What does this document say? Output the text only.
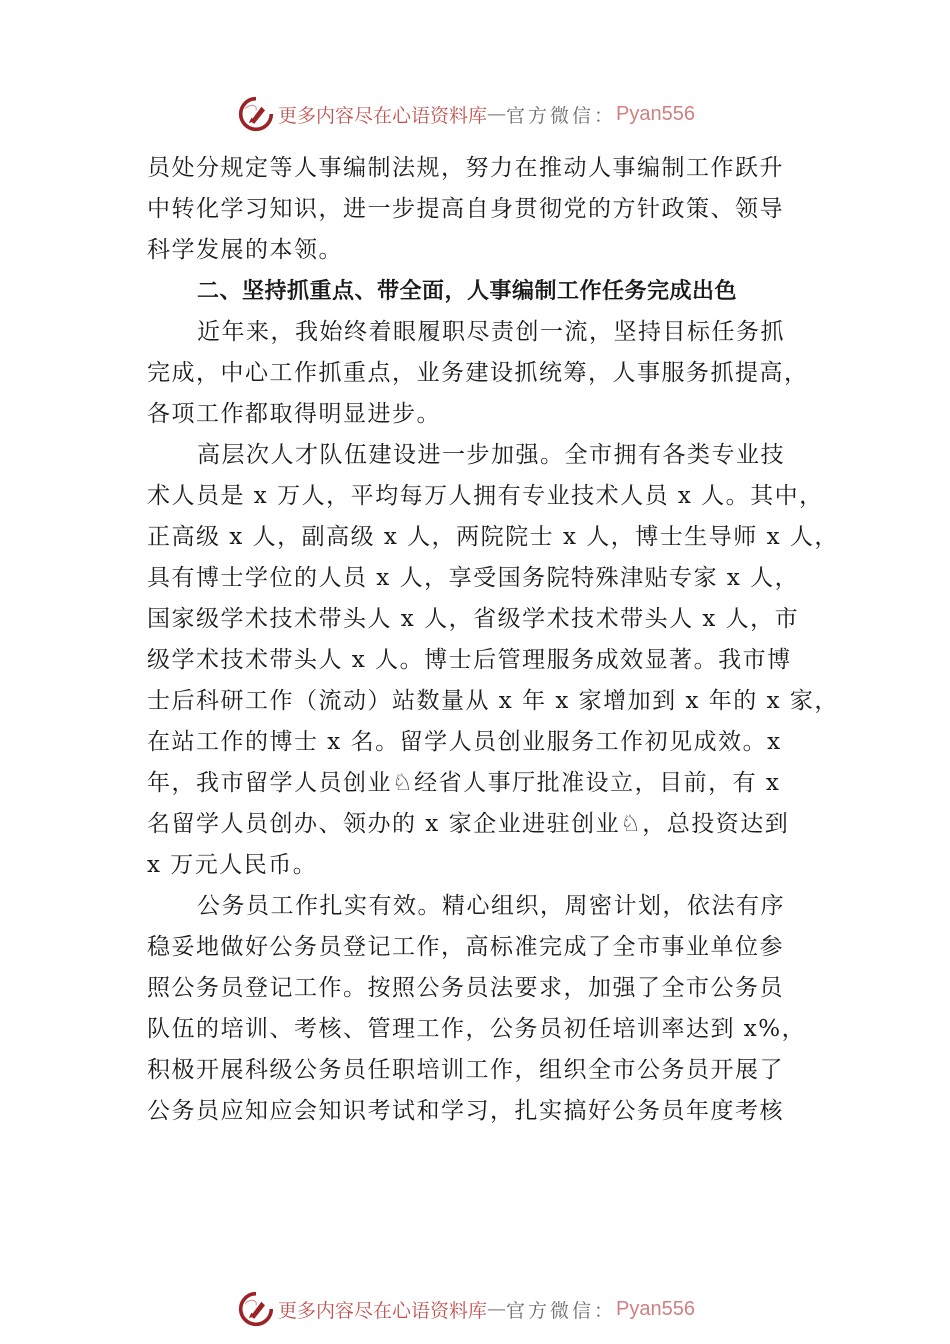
更多内容尽在心语资料库 — 官方微信： Pyan556
员处分规定等人事编制法规，努力在推动人事编制工作跃升
中转化学习知识，进一步提高自身贯彻党的方针政策、领导
科学发展的本领。
二、坚持抓重点、带全面，人事编制工作任务完成出色
近年来，我始终着眼履职尽责创一流，坚持目标任务抓
完成，中心工作抓重点，业务建设抓统筹，人事服务抓提高，
各项工作都取得明显进步。
高层次人才队伍建设进一步加强。全市拥有各类专业技
术人员是 x 万人，平均每万人拥有专业技术人员 x 人。其中，
正高级 x 人，副高级 x 人，两院院士 x 人，博士生导师 x 人，
具有博士学位的人员 x 人，享受国务院特殊津贴专家 x 人，
国家级学术技术带头人 x 人，省级学术技术带头人 x 人，市
级学术技术带头人 x 人。博士后管理服务成效显著。我市博
士后科研工作（流动）站数量从 x 年 x 家增加到 x 年的 x 家，
在站工作的博士 x 名。留学人员创业服务工作初见成效。x
年，我市留学人员创业♘经省人事厅批准设立，目前，有 x
名留学人员创办、领办的 x 家企业进驻创业♘，总投资达到
x 万元人民币。
公务员工作扎实有效。精心组织，周密计划，依法有序
稳妥地做好公务员登记工作，高标准完成了全市事业单位参
照公务员登记工作。按照公务员法要求，加强了全市公务员
队伍的培训、考核、管理工作，公务员初任培训率达到 x%，
积极开展科级公务员任职培训工作，组织全市公务员开展了
公务员应知应会知识考试和学习，扎实搞好公务员年度考核
更多内容尽在心语资料库 — 官方微信： Pyan556
